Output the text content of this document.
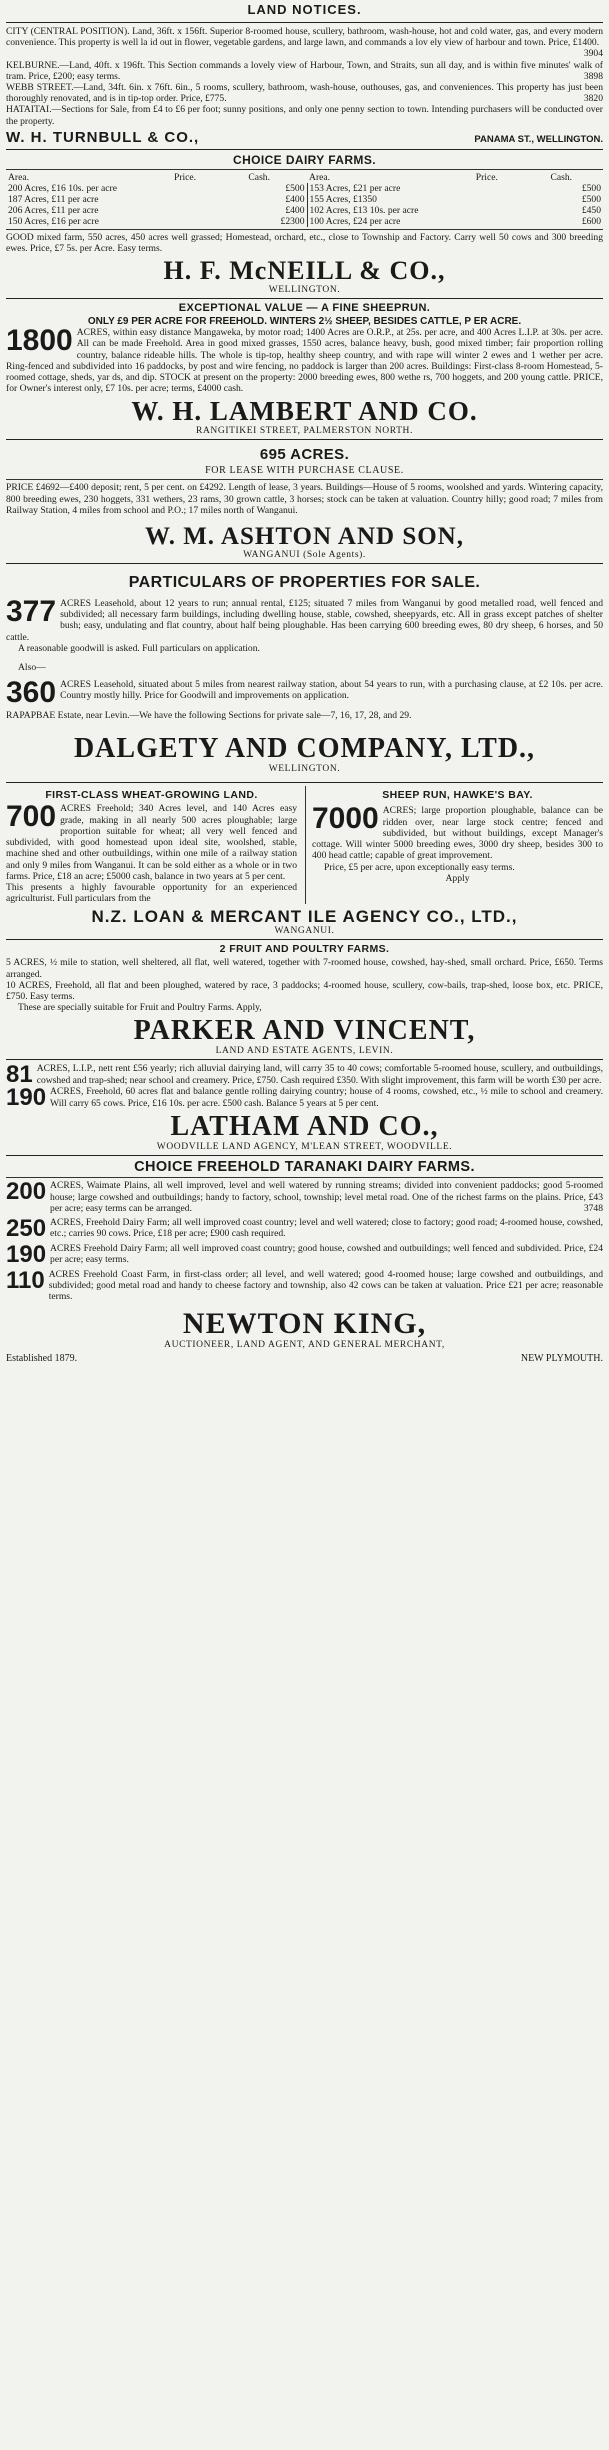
LAND NOTICES.

CITY (CENTRAL POSITION). Land, 36ft. x 156ft. Superior 8-roomed house, scullery, bathroom, wash-house, hot and cold water, gas, and every modern convenience. This property is well la id out in flower, vegetable gardens, and large lawn, and commands a lov ely view of harbour and town. Price, £1400.
3904

KELBURNE.—Land, 40ft. x 196ft. This Section commands a lovely view of Harbour, Town, and Straits, sun all day, and is within five minutes' walk of tram. Price, £200; easy terms.	3898

WEBB STREET.—Land, 34ft. 6in. x 76ft. 6in., 5 rooms, scullery, bathroom, wash-house, outhouses, gas, and conveniences. This property has just been thoroughly renovated, and is in tip-top order. Price, £775.	3820

HATAITAI.—Sections for Sale, from £4 to £6 per foot; sunny positions, and only one penny section to town. Intending purchasers will be conducted over the property.

W. H. TURNBULL & CO.,	PANAMA ST., WELLINGTON.
CHOICE DAIRY FARMS.
Area.	Price.	Cash.	Area.	Price.	Cash.
200 Acres, £16 10s. per acre		£500	153 Acres, £21 per acre		£500
187 Acres, £11 per acre		£400	155 Acres, £1350		£500
206 Acres, £11 per acre		£400	102 Acres, £13 10s. per acre		£450
150 Acres, £16 per acre		£2300	100 Acres, £24 per acre		£600

GOOD mixed farm, 550 acres, 450 acres well grassed; Homestead, orchard, etc., close to Township and Factory. Carry well 50 cows and 300 breeding ewes. Price, £7 5s. per Acre. Easy terms.

H. F. McNEILL & CO.,
WELLINGTON.
EXCEPTIONAL VALUE — A FINE SHEEPRUN.
ONLY £9 PER ACRE FOR FREEHOLD. WINTERS 2½ SHEEP, BESIDES CATTLE, P ER ACRE.

1800 ACRES, within easy distance Mangaweka, by motor road; 1400 Acres are O.R.P., at 25s. per acre, and 400 Acres L.I.P. at 30s. per acre. All can be made Freehold. Area in good mixed grasses, 1550 acres, balance heavy, bush, good mixed timber; fair proportion rolling country, balance rideable hills. The whole is tip-top, healthy sheep country, and with rape will winter 2 ewes and 1 wether per acre. Ring-fenced and subdivided into 16 paddocks, by post and wire fencing, no paddock is larger than 200 acres. Buildings: First-class 8-room Homestead, 5-roomed cottage, sheds, yar ds, and dip. STOCK at present on the property: 2000 breeding ewes, 800 wethe rs, 700 hoggets, and 200 young cattle. PRICE, for Owner's interest only, £7 10s. per acre; terms, £4000 cash.

W. H. LAMBERT AND CO.
RANGITIKEI STREET, PALMERSTON NORTH.
695 ACRES.
FOR LEASE WITH PURCHASE CLAUSE.

PRICE £4692—£400 deposit; rent, 5 per cent. on £4292. Length of lease, 3 years. Buildings—House of 5 rooms, woolshed and yards. Wintering capacity, 800 breeding ewes, 230 hoggets, 331 wethers, 23 rams, 30 grown cattle, 3 horses; stock can be taken at valuation. Country hilly; good road; 7 miles from Railway Station, 4 miles from school and P.O.; 17 miles north of Wanganui.

W. M. ASHTON AND SON,
WANGANUI (Sole Agents).
PARTICULARS OF PROPERTIES FOR SALE.

377 ACRES Leasehold, about 12 years to run; annual rental, £125; situated 7 miles from Wanganui by good metalled road, well fenced and subdivided; all necessary farm buildings, including dwelling house, stable, cowshed, sheepyards, etc. All in grass except patches of shelter bush; easy, undulating and flat country, about half being ploughable. Has been carrying 600 breeding ewes, 80 dry sheep, 6 horses, and 50 cattle.

A reasonable goodwill is asked. Full particulars on application.

Also—

360 ACRES Leasehold, situated about 5 miles from nearest railway station, about 54 years to run, with a purchasing clause, at £2 10s. per acre. Country mostly hilly. Price for Goodwill and improvements on application.

RAPAPBAE Estate, near Levin.—We have the following Sections for private sale—7, 16, 17, 28, and 29.

DALGETY AND COMPANY, LTD.,
WELLINGTON.
FIRST-CLASS WHEAT-GROWING LAND.

700 ACRES Freehold; 340 Acres level, and 140 Acres easy grade, making in all nearly 500 acres ploughable; large proportion suitable for wheat; all very well fenced and subdivided, with good homestead upon ideal site, woolshed, stable, machine shed and other outbuildings, within one mile of a railway station and only 9 miles from Wanganui. It can be sold either as a whole or in two farms. Price, £18 an acre; £5000 cash, balance in two years at 5 per cent.

This presents a highly favourable opportunity for an experienced agriculturist. Full particulars from the

SHEEP RUN, HAWKE'S BAY.

7000 ACRES; large proportion ploughable, balance can be ridden over, near large stock centre; fenced and subdivided, but without buildings, except Manager's cottage. Will winter 5000 breeding ewes, 3000 dry sheep, besides 300 to 400 head cattle; capable of great improvement.

Price, £5 per acre, upon exceptionally easy terms.

Apply

N.Z. LOAN & MERCANT ILE AGENCY CO., LTD.,
WANGANUI.
2 FRUIT AND POULTRY FARMS.

5 ACRES, ½ mile to station, well sheltered, all flat, well watered, together with 7-roomed house, cowshed, hay-shed, small orchard. Price, £650. Terms arranged.

10 ACRES, Freehold, all flat and been ploughed, watered by race, 3 paddocks; 4-roomed house, scullery, cow-bails, trap-shed, loose box, etc. PRICE, £750. Easy terms.

These are specially suitable for Fruit and Poultry Farms. Apply,

PARKER AND VINCENT,
LAND AND ESTATE AGENTS, LEVIN.

81 ACRES, L.I.P., nett rent £56 yearly; rich alluvial dairying land, will carry 35 to 40 cows; comfortable 5-roomed house, scullery, and outbuildings, cowshed and trap-shed; near school and creamery. Price, £750. Cash required £350. With slight improvement, this farm will be worth £30 per acre.

190 ACRES, Freehold, 60 acres flat and balance gentle rolling dairying country; house of 4 rooms, cowshed, etc., ½ mile to school and creamery. Will carry 65 cows. Price, £16 10s. per acre. £500 cash. Balance 5 years at 5 per cent.

LATHAM AND CO.,
WOODVILLE LAND AGENCY, M'LEAN STREET, WOODVILLE.
CHOICE FREEHOLD TARANAKI DAIRY FARMS.

200 ACRES, Waimate Plains, all well improved, level and well watered by running streams; divided into convenient paddocks; good 5-roomed house; large cowshed and outbuildings; handy to factory, school, township; level metal road. One of the richest farms on the plains. Price, £43 per acre; easy terms can be arranged.	3748

250 ACRES, Freehold Dairy Farm; all well improved coast country; level and well watered; close to factory; good road; 4-roomed house, cowshed, etc.; carries 90 cows. Price, £18 per acre; £900 cash required.

190 ACRES Freehold Dairy Farm; all well improved coast country; good house, cowshed and outbuildings; well fenced and subdivided. Price, £24 per acre; easy terms.

110 ACRES Freehold Coast Farm, in first-class order; all level, and well watered; good 4-roomed house; large cowshed and outbuildings, and subdivided; good metal road and handy to cheese factory and township, also 42 cows can be taken at valuation. Price £21 per acre; reasonable terms.

NEWTON KING,
AUCTIONEER, LAND AGENT, AND GENERAL MERCHANT,
Established 1879.	NEW PLYMOUTH.
